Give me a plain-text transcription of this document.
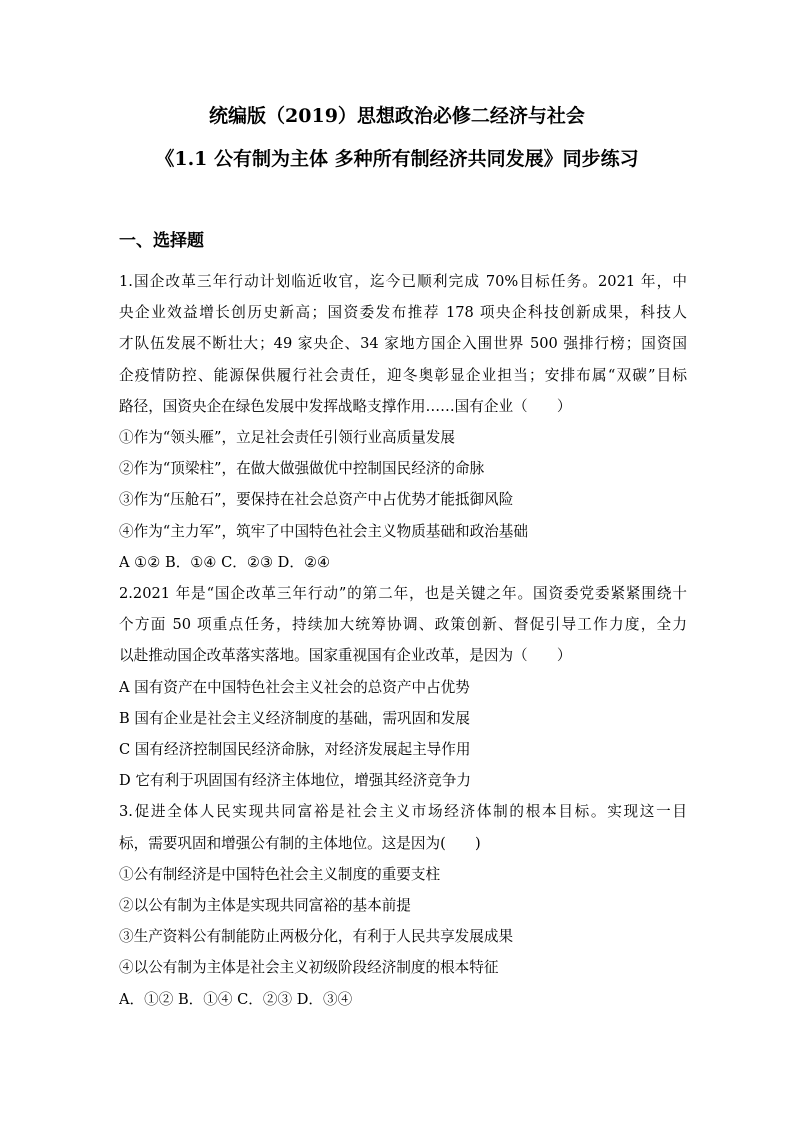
统编版（2019）思想政治必修二经济与社会
《1.1 公有制为主体 多种所有制经济共同发展》同步练习
一、选择题

1.国企改革三年行动计划临近收官，迄今已顺利完成 70%目标任务。2021 年，中

央企业效益增长创历史新高；国资委发布推荐 178 项央企科技创新成果，科技人

才队伍发展不断壮大；49 家央企、34 家地方国企入围世界 500 强排行榜；国资国

企疫情防控、能源保供履行社会责任，迎冬奥彰显企业担当；安排布属“双碳”目标

路径，国资央企在绿色发展中发挥战略支撑作用……国有企业（　　）

①作为“领头雁”，立足社会责任引领行业高质量发展

②作为“顶梁柱”，在做大做强做优中控制国民经济的命脉

③作为“压舱石”，要保持在社会总资产中占优势才能抵御风险

④作为“主力军”，筑牢了中国特色社会主义物质基础和政治基础

A ①② B．①④ C．②③ D．②④

2.2021 年是“国企改革三年行动”的第二年，也是关键之年。国资委党委紧紧围绕十

个方面 50 项重点任务，持续加大统筹协调、政策创新、督促引导工作力度，全力

以赴推动国企改革落实落地。国家重视国有企业改革，是因为（　　）

A 国有资产在中国特色社会主义社会的总资产中占优势

B 国有企业是社会主义经济制度的基础，需巩固和发展

C 国有经济控制国民经济命脉，对经济发展起主导作用

D 它有利于巩固国有经济主体地位，增强其经济竞争力

3.促进全体人民实现共同富裕是社会主义市场经济体制的根本目标。实现这一目

标，需要巩固和增强公有制的主体地位。这是因为(　　)

①公有制经济是中国特色社会主义制度的重要支柱

②以公有制为主体是实现共同富裕的基本前提

③生产资料公有制能防止两极分化，有利于人民共享发展成果

④以公有制为主体是社会主义初级阶段经济制度的根本特征

A．①② B．①④ C．②③ D．③④
